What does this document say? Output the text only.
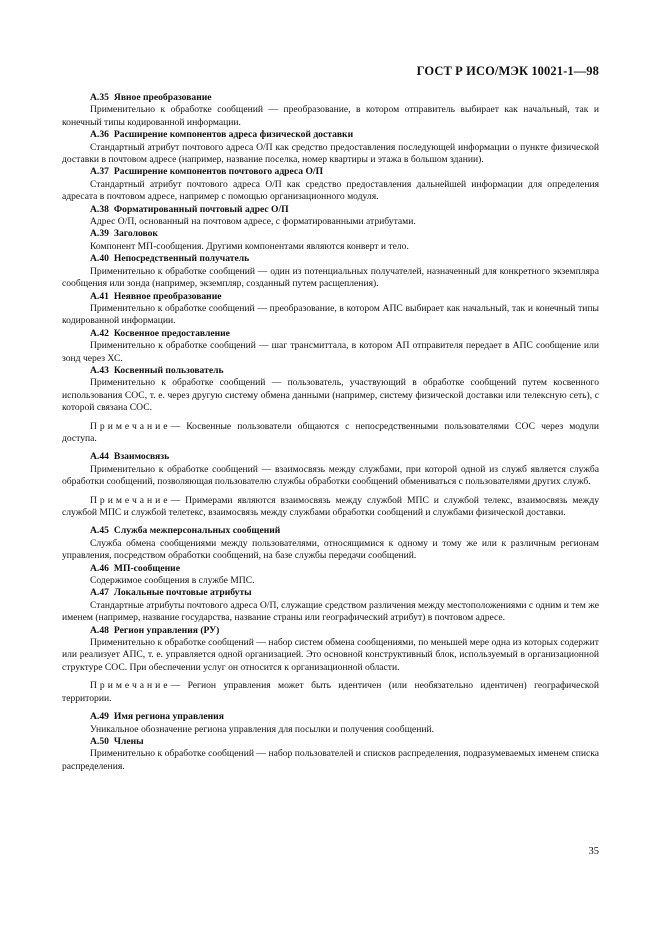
ГОСТ Р ИСО/МЭК 10021-1—98
A.35 Явное преобразование

Применительно к обработке сообщений — преобразование, в котором отправитель выбирает как начальный, так и конечный типы кодированной информации.

A.36 Расширение компонентов адреса физической доставки

Стандартный атрибут почтового адреса О/П как средство предоставления последующей информации о пункте физической доставки в почтовом адресе (например, название поселка, номер квартиры и этажа в большом здании).

A.37 Расширение компонентов почтового адреса О/П

Стандартный атрибут почтового адреса О/П как средство предоставления дальнейшей информации для определения адресата в почтовом адресе, например с помощью организационного модуля.

A.38 Форматированный почтовый адрес О/П

Адрес О/П, основанный на почтовом адресе, с форматированными атрибутами.

A.39 Заголовок

Компонент МП-сообщения. Другими компонентами являются конверт и тело.

A.40 Непосредственный получатель

Применительно к обработке сообщений — один из потенциальных получателей, назначенный для конкретного экземпляра сообщения или зонда (например, экземпляр, созданный путем расщепления).

A.41 Неявное преобразование

Применительно к обработке сообщений — преобразование, в котором АПС выбирает как начальный, так и конечный типы кодированной информации.

A.42 Косвенное предоставление

Применительно к обработке сообщений — шаг трансмиттала, в котором АП отправителя передает в АПС сообщение или зонд через ХС.

A.43 Косвенный пользователь

Применительно к обработке сообщений — пользователь, участвующий в обработке сообщений путем косвенного использования СОС, т. е. через другую систему обмена данными (например, систему физической доставки или телексную сеть), с которой связана СОС.

Примечание— Косвенные пользователи общаются с непосредственными пользователями СОС через модули доступа.

A.44 Взаимосвязь

Применительно к обработке сообщений — взаимосвязь между службами, при которой одной из служб является служба обработки сообщений, позволяющая пользователю службы обработки сообщений обмениваться с пользователями других служб.

Примечание— Примерами являются взаимосвязь между службой МПС и службой телекс, взаимосвязь между службой МПС и службой телетекс, взаимосвязь между службами обработки сообщений и службами физической доставки.

A.45 Служба межперсональных сообщений

Служба обмена сообщениями между пользователями, относящимися к одному и тому же или к различным регионам управления, посредством обработки сообщений, на базе службы передачи сообщений.

A.46 МП-сообщение

Содержимое сообщения в службе МПС.

A.47 Локальные почтовые атрибуты

Стандартные атрибуты почтового адреса О/П, служащие средством различения между местоположениями с одним и тем же именем (например, название государства, название страны или географический атрибут) в почтовом адресе.

A.48 Регион управления (РУ)

Применительно к обработке сообщений — набор систем обмена сообщениями, по меньшей мере одна из которых содержит или реализует АПС, т. е. управляется одной организацией. Это основной конструктивный блок, используемый в организационной структуре СОС. При обеспечении услуг он относится к организационной области.

Примечание— Регион управления может быть идентичен (или необязательно идентичен) географической территории.

A.49 Имя региона управления

Уникальное обозначение региона управления для посылки и получения сообщений.

A.50 Члены

Применительно к обработке сообщений — набор пользователей и списков распределения, подразумеваемых именем списка распределения.

35
